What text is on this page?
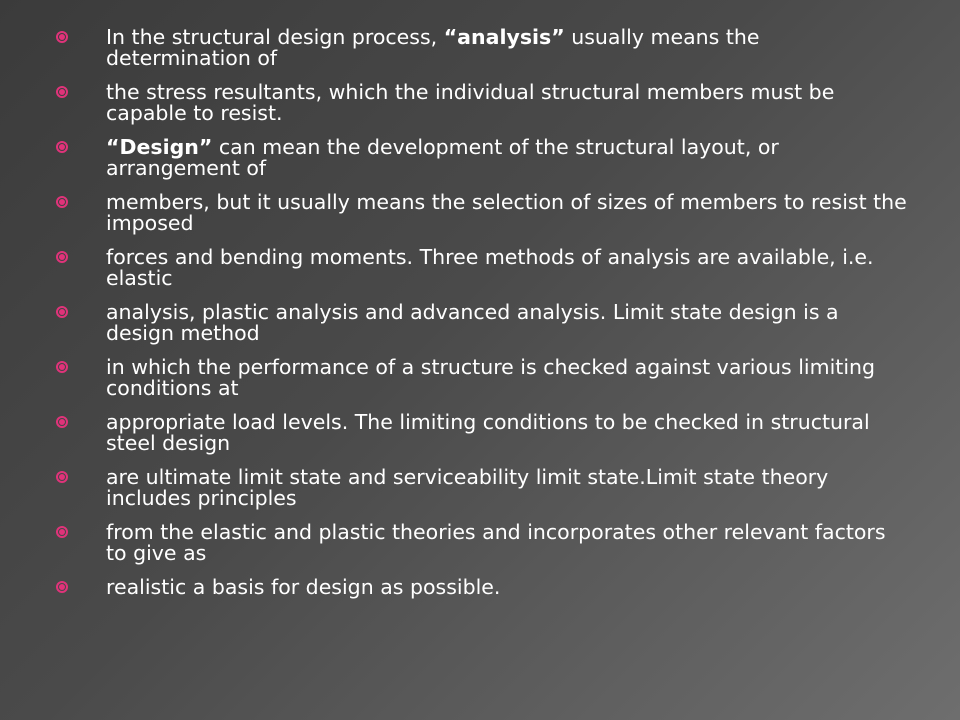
In the structural design process, “analysis” usually means the determination of
the stress resultants, which the individual structural members must be capable to resist.
“Design” can mean the development of the structural layout, or arrangement of
members, but it usually means the selection of sizes of members to resist the imposed
forces and bending moments. Three methods of analysis are available, i.e. elastic
analysis, plastic analysis and advanced analysis. Limit state design is a design method
in which the performance of a structure is checked against various limiting conditions at
appropriate load levels. The limiting conditions to be checked in structural steel design
are ultimate limit state and serviceability limit state.Limit state theory includes principles
from the elastic and plastic theories and incorporates other relevant factors to give as
realistic a basis for design as possible.
